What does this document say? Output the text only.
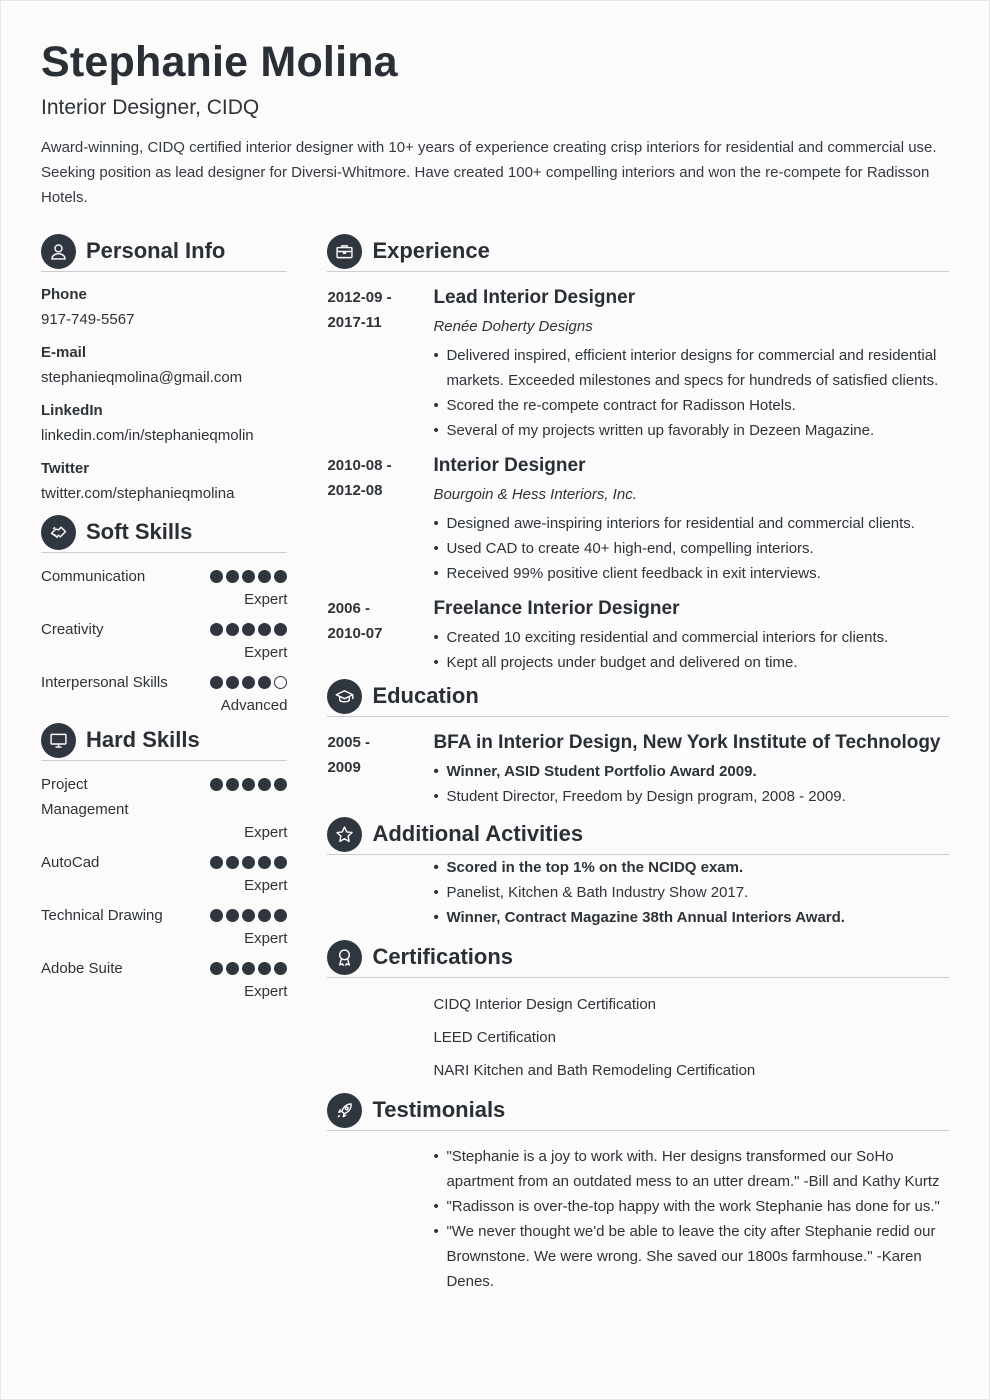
Stephanie Molina
Interior Designer, CIDQ
Award-winning, CIDQ certified interior designer with 10+ years of experience creating crisp interiors for residential and commercial use. Seeking position as lead designer for Diversi-Whitmore. Have created 100+ compelling interiors and won the re-compete for Radisson Hotels.
Personal Info
Phone
917-749-5567
E-mail
stephanieqmolina@gmail.com
LinkedIn
linkedin.com/in/stephanieqmolin
Twitter
twitter.com/stephanieqmolina
Soft Skills
Communication
Expert
Creativity
Expert
Interpersonal Skills
Advanced
Hard Skills
Project Management
Expert
AutoCad
Expert
Technical Drawing
Expert
Adobe Suite
Expert
Experience
2012-09 -
2017-11
Lead Interior Designer
Renée Doherty Designs
• Delivered inspired, efficient interior designs for commercial and residential markets. Exceeded milestones and specs for hundreds of satisfied clients.
• Scored the re-compete contract for Radisson Hotels.
• Several of my projects written up favorably in Dezeen Magazine.
2010-08 -
2012-08
Interior Designer
Bourgoin & Hess Interiors, Inc.
• Designed awe-inspiring interiors for residential and commercial clients.
• Used CAD to create 40+ high-end, compelling interiors.
• Received 99% positive client feedback in exit interviews.
2006 -
2010-07
Freelance Interior Designer
• Created 10 exciting residential and commercial interiors for clients.
• Kept all projects under budget and delivered on time.
Education
2005 -
2009
BFA in Interior Design, New York Institute of Technology
• Winner, ASID Student Portfolio Award 2009.
• Student Director, Freedom by Design program, 2008 - 2009.
Additional Activities
• Scored in the top 1% on the NCIDQ exam.
• Panelist, Kitchen & Bath Industry Show 2017.
• Winner, Contract Magazine 38th Annual Interiors Award.
Certifications
CIDQ Interior Design Certification
LEED Certification
NARI Kitchen and Bath Remodeling Certification
Testimonials
• "Stephanie is a joy to work with. Her designs transformed our SoHo apartment from an outdated mess to an utter dream." -Bill and Kathy Kurtz
• "Radisson is over-the-top happy with the work Stephanie has done for us."
• "We never thought we'd be able to leave the city after Stephanie redid our Brownstone. We were wrong. She saved our 1800s farmhouse." -Karen Denes.
